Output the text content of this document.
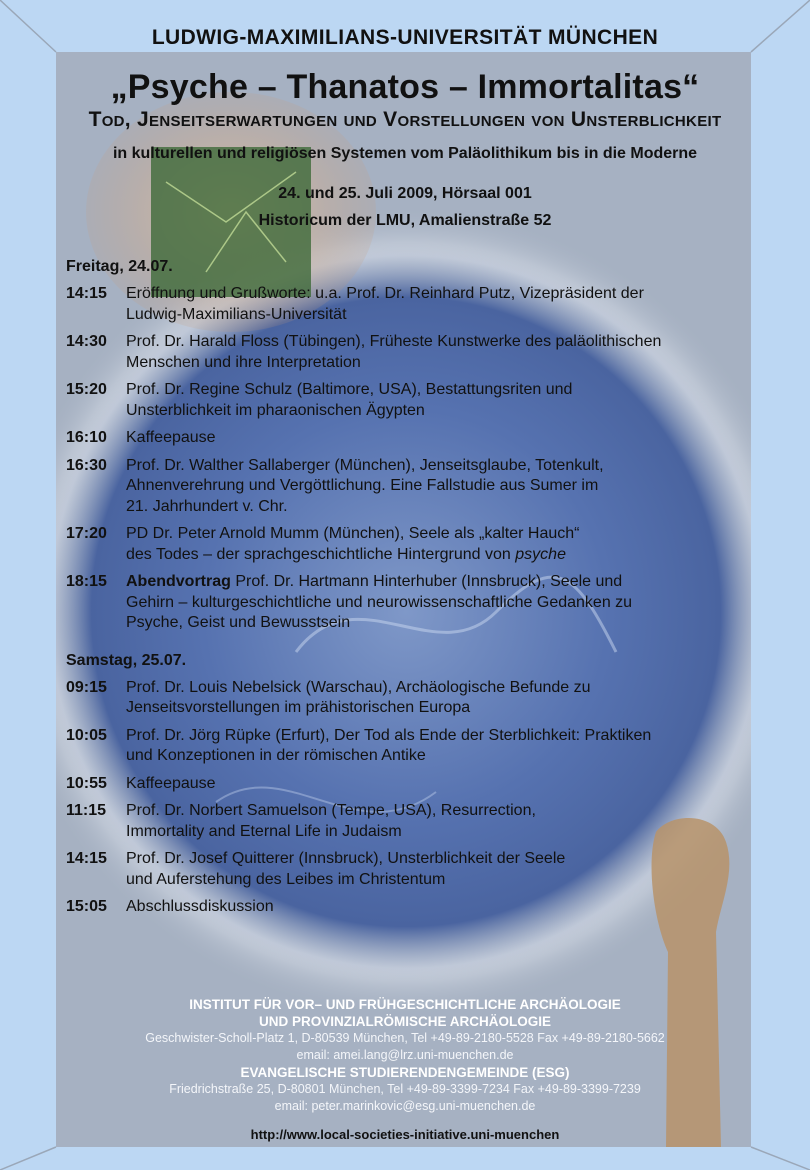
LUDWIG-MAXIMILIANS-UNIVERSITÄT MÜNCHEN
„Psyche – Thanatos – Immortalitas“
Tod, Jenseitserwartungen und Vorstellungen von Unsterblichkeit
in kulturellen und religiösen Systemen vom Paläolithikum bis in die Moderne
24. und 25. Juli 2009, Hörsaal 001
Historicum der LMU, Amalienstraße 52
Freitag, 24.07.
14:15	Eröffnung und Grußworte: u.a. Prof. Dr. Reinhard Putz, Vizepräsident der
Ludwig-Maximilians-Universität
14:30	Prof. Dr. Harald Floss (Tübingen), Früheste Kunstwerke des paläolithischen
Menschen und ihre Interpretation
15:20	Prof. Dr. Regine Schulz (Baltimore, USA), Bestattungsriten und
Unsterblichkeit im pharaonischen Ägypten
16:10	Kaffeepause
16:30	Prof. Dr. Walther Sallaberger (München), Jenseitsglaube, Totenkult,
Ahnenverehrung und Vergöttlichung. Eine Fallstudie aus Sumer im
21. Jahrhundert v. Chr.
17:20	PD Dr. Peter Arnold Mumm (München), Seele als „kalter Hauch“
des Todes – der sprachgeschichtliche Hintergrund von psyche
18:15	Abendvortrag Prof. Dr. Hartmann Hinterhuber (Innsbruck), Seele und
Gehirn – kulturgeschichtliche und neurowissenschaftliche Gedanken zu
Psyche, Geist und Bewusstsein
Samstag, 25.07.
09:15	Prof. Dr. Louis Nebelsick (Warschau), Archäologische Befunde zu
Jenseitsvorstellungen im prähistorischen Europa
10:05	Prof. Dr. Jörg Rüpke (Erfurt), Der Tod als Ende der Sterblichkeit: Praktiken
und Konzeptionen in der römischen Antike
10:55	Kaffeepause
11:15	Prof. Dr. Norbert Samuelson (Tempe, USA), Resurrection,
Immortality and Eternal Life in Judaism
14:15	Prof. Dr. Josef Quitterer (Innsbruck), Unsterblichkeit der Seele
und Auferstehung des Leibes im Christentum
15:05	Abschlussdiskussion
INSTITUT FÜR VOR– UND FRÜHGESCHICHTLICHE ARCHÄOLOGIE
UND PROVINZIALRÖMISCHE ARCHÄOLOGIE
Geschwister-Scholl-Platz 1, D-80539 München, Tel +49-89-2180-5528 Fax +49-89-2180-5662
email: amei.lang@lrz.uni-muenchen.de
EVANGELISCHE STUDIERENDENGEMEINDE (ESG)
Friedrichstraße 25, D-80801 München, Tel +49-89-3399-7234 Fax +49-89-3399-7239
email: peter.marinkovic@esg.uni-muenchen.de
http://www.local-societies-initiative.uni-muenchen
